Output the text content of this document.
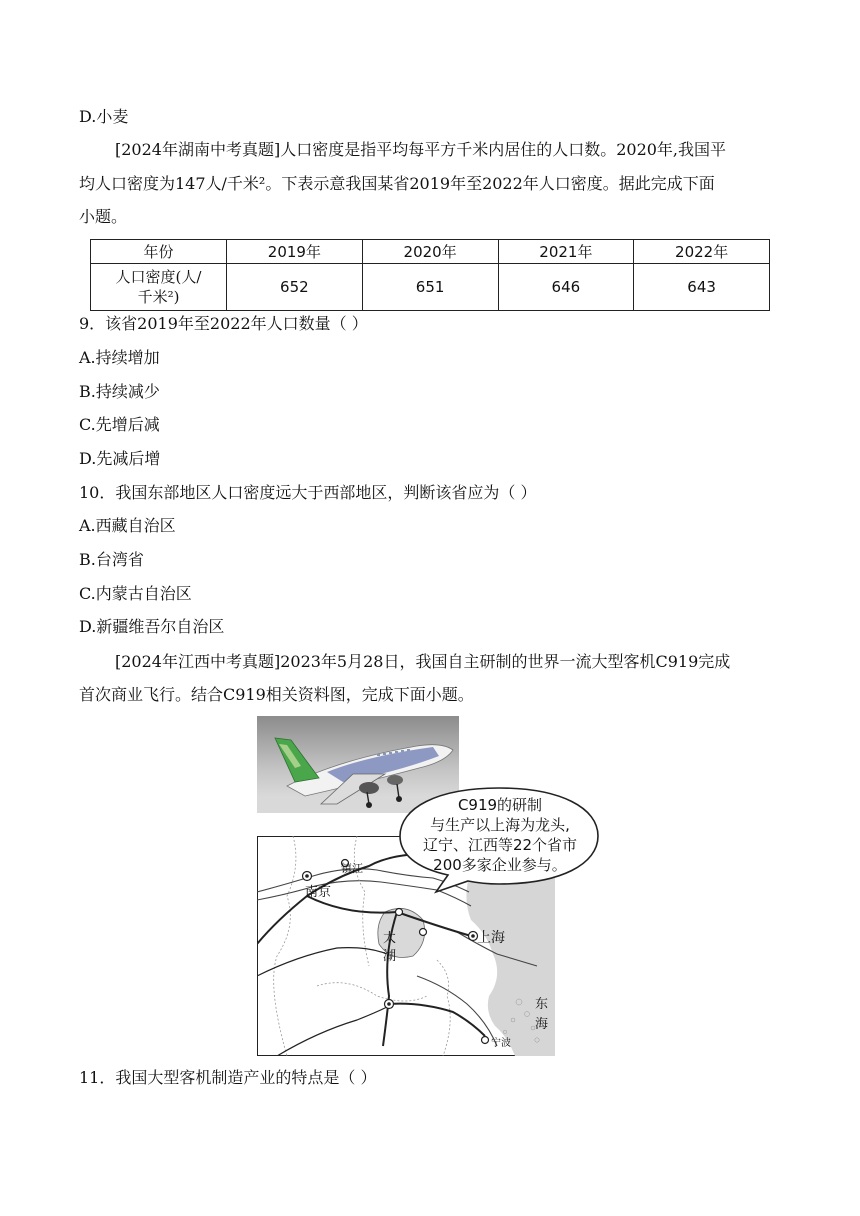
D.小麦
[2024年湖南中考真题]人口密度是指平均每平方千米内居住的人口数。2020年,我国平
均人口密度为147人/千米²。下表示意我国某省2019年至2022年人口密度。据此完成下面
小题。
年份	2019年	2020年	2021年	2022年
人口密度(人/
千米²)	652	651	646	643
9．该省2019年至2022年人口数量（ ）
A.持续增加
B.持续减少
C.先增后减
D.先减后增
10．我国东部地区人口密度远大于西部地区，判断该省应为（ ）
A.西藏自治区
B.台湾省
C.内蒙古自治区
D.新疆维吾尔自治区
[2024年江西中考真题]2023年5月28日，我国自主研制的世界一流大型客机C919完成
首次商业飞行。结合C919相关资料图，完成下面小题。
镇江
南京
太
湖
上海
东
海
宁波
C919的研制
与生产以上海为龙头,
辽宁、江西等22个省市
200多家企业参与。
11．我国大型客机制造产业的特点是（ ）
